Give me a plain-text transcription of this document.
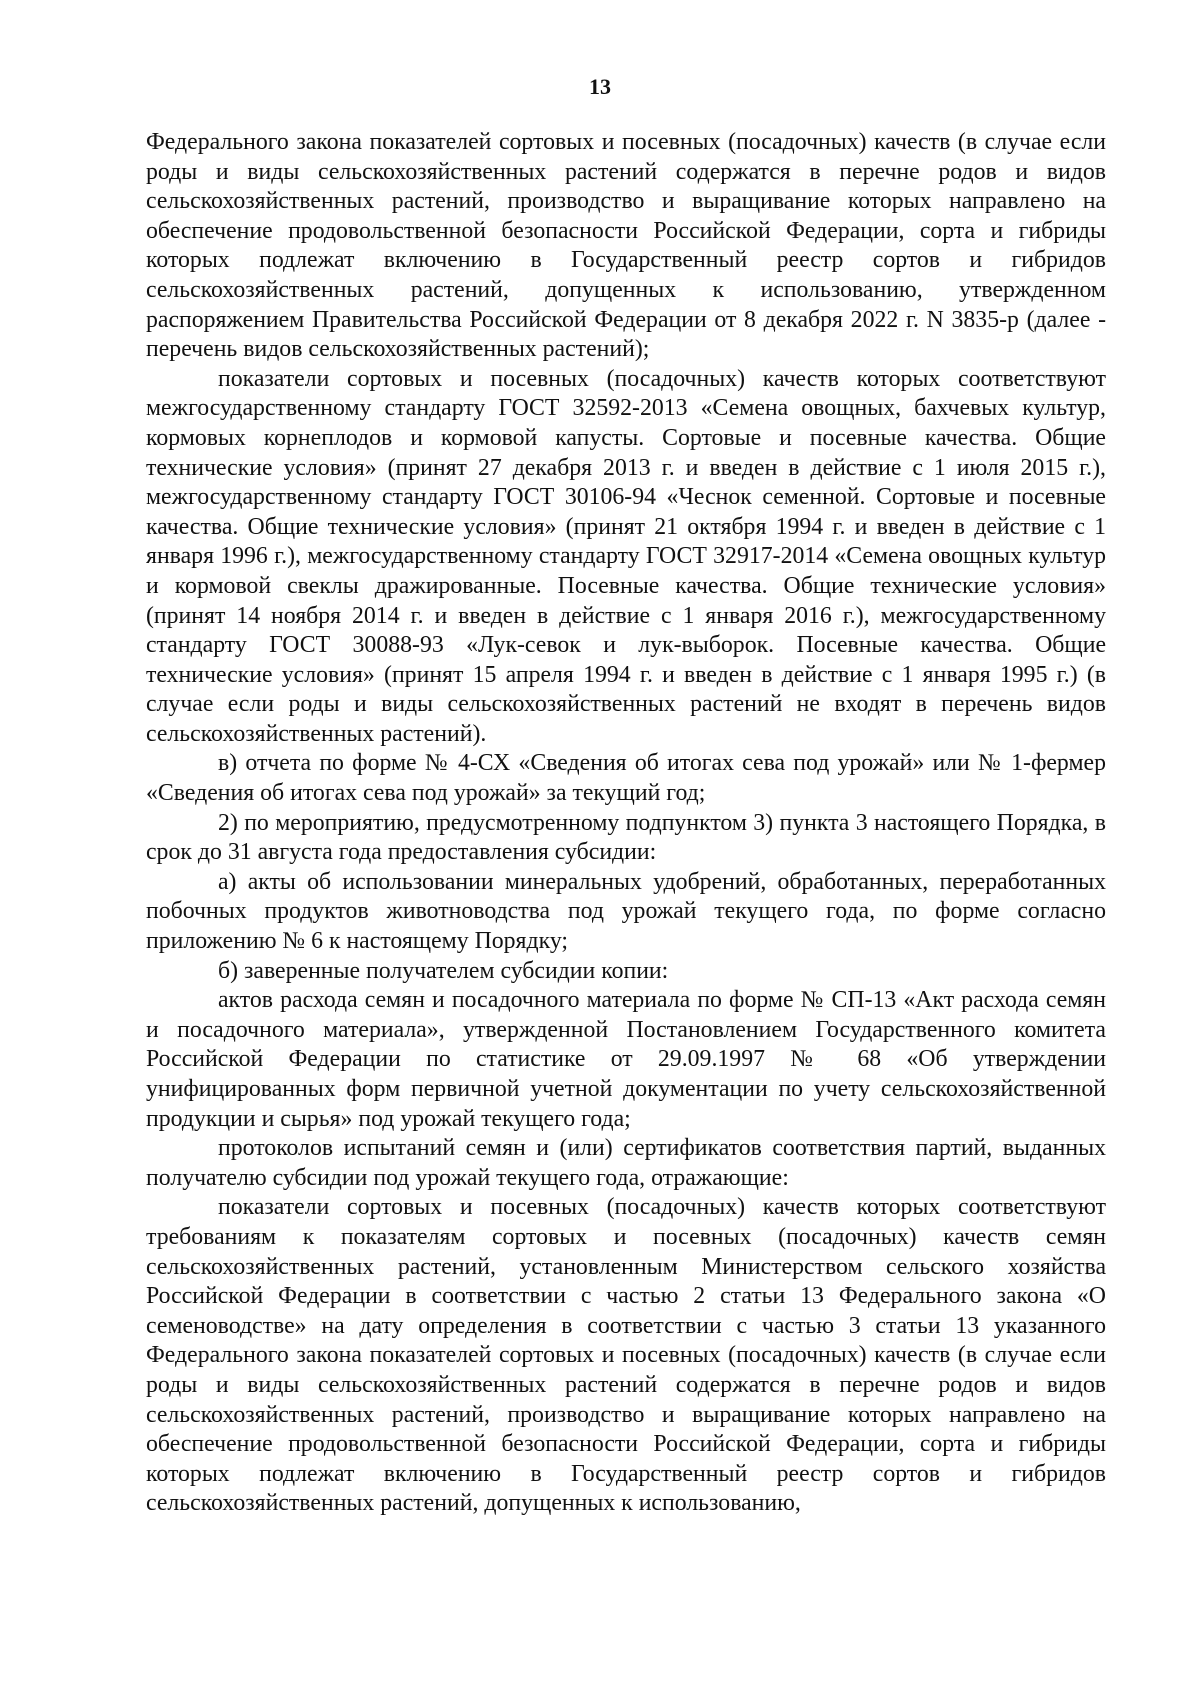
13

Федерального закона показателей сортовых и посевных (посадочных) качеств (в случае если роды и виды сельскохозяйственных растений содержатся в перечне родов и видов сельскохозяйственных растений, производство и выращивание которых направлено на обеспечение продовольственной безопасности Российской Федерации, сорта и гибриды которых подлежат включению в Государственный реестр сортов и гибридов сельскохозяйственных растений, допущенных к использованию, утвержденном распоряжением Правительства Российской Федерации от 8 декабря 2022 г. N 3835-р (далее - перечень видов сельскохозяйственных растений);

показатели сортовых и посевных (посадочных) качеств которых соответствуют межгосударственному стандарту ГОСТ 32592-2013 «Семена овощных, бахчевых культур, кормовых корнеплодов и кормовой капусты. Сортовые и посевные качества. Общие технические условия» (принят 27 декабря 2013 г. и введен в действие с 1 июля 2015 г.), межгосударственному стандарту ГОСТ 30106-94 «Чеснок семенной. Сортовые и посевные качества. Общие технические условия» (принят 21 октября 1994 г. и введен в действие с 1 января 1996 г.), межгосударственному стандарту ГОСТ 32917-2014 «Семена овощных культур и кормовой свеклы дражированные. Посевные качества. Общие технические условия» (принят 14 ноября 2014 г. и введен в действие с 1 января 2016 г.), межгосударственному стандарту ГОСТ 30088-93 «Лук-севок и лук-выборок. Посевные качества. Общие технические условия» (принят 15 апреля 1994 г. и введен в действие с 1 января 1995 г.) (в случае если роды и виды сельскохозяйственных растений не входят в перечень видов сельскохозяйственных растений).

в) отчета по форме № 4-СХ «Сведения об итогах сева под урожай» или № 1-фермер «Сведения об итогах сева под урожай» за текущий год;

2) по мероприятию, предусмотренному подпунктом 3) пункта 3 настоящего Порядка, в срок до 31 августа года предоставления субсидии:

а) акты об использовании минеральных удобрений, обработанных, переработанных побочных продуктов животноводства под урожай текущего года, по форме согласно приложению № 6 к настоящему Порядку;

б) заверенные получателем субсидии копии:

актов расхода семян и посадочного материала по форме № СП-13 «Акт расхода семян и посадочного материала», утвержденной Постановлением Государственного комитета Российской Федерации по статистике от 29.09.1997 № 68 «Об утверждении унифицированных форм первичной учетной документации по учету сельскохозяйственной продукции и сырья» под урожай текущего года;

протоколов испытаний семян и (или) сертификатов соответствия партий, выданных получателю субсидии под урожай текущего года, отражающие:

показатели сортовых и посевных (посадочных) качеств которых соответствуют требованиям к показателям сортовых и посевных (посадочных) качеств семян сельскохозяйственных растений, установленным Министерством сельского хозяйства Российской Федерации в соответствии с частью 2 статьи 13 Федерального закона «О семеноводстве» на дату определения в соответствии с частью 3 статьи 13 указанного Федерального закона показателей сортовых и посевных (посадочных) качеств (в случае если роды и виды сельскохозяйственных растений содержатся в перечне родов и видов сельскохозяйственных растений, производство и выращивание которых направлено на обеспечение продовольственной безопасности Российской Федерации, сорта и гибриды которых подлежат включению в Государственный реестр сортов и гибридов сельскохозяйственных растений, допущенных к использованию,
